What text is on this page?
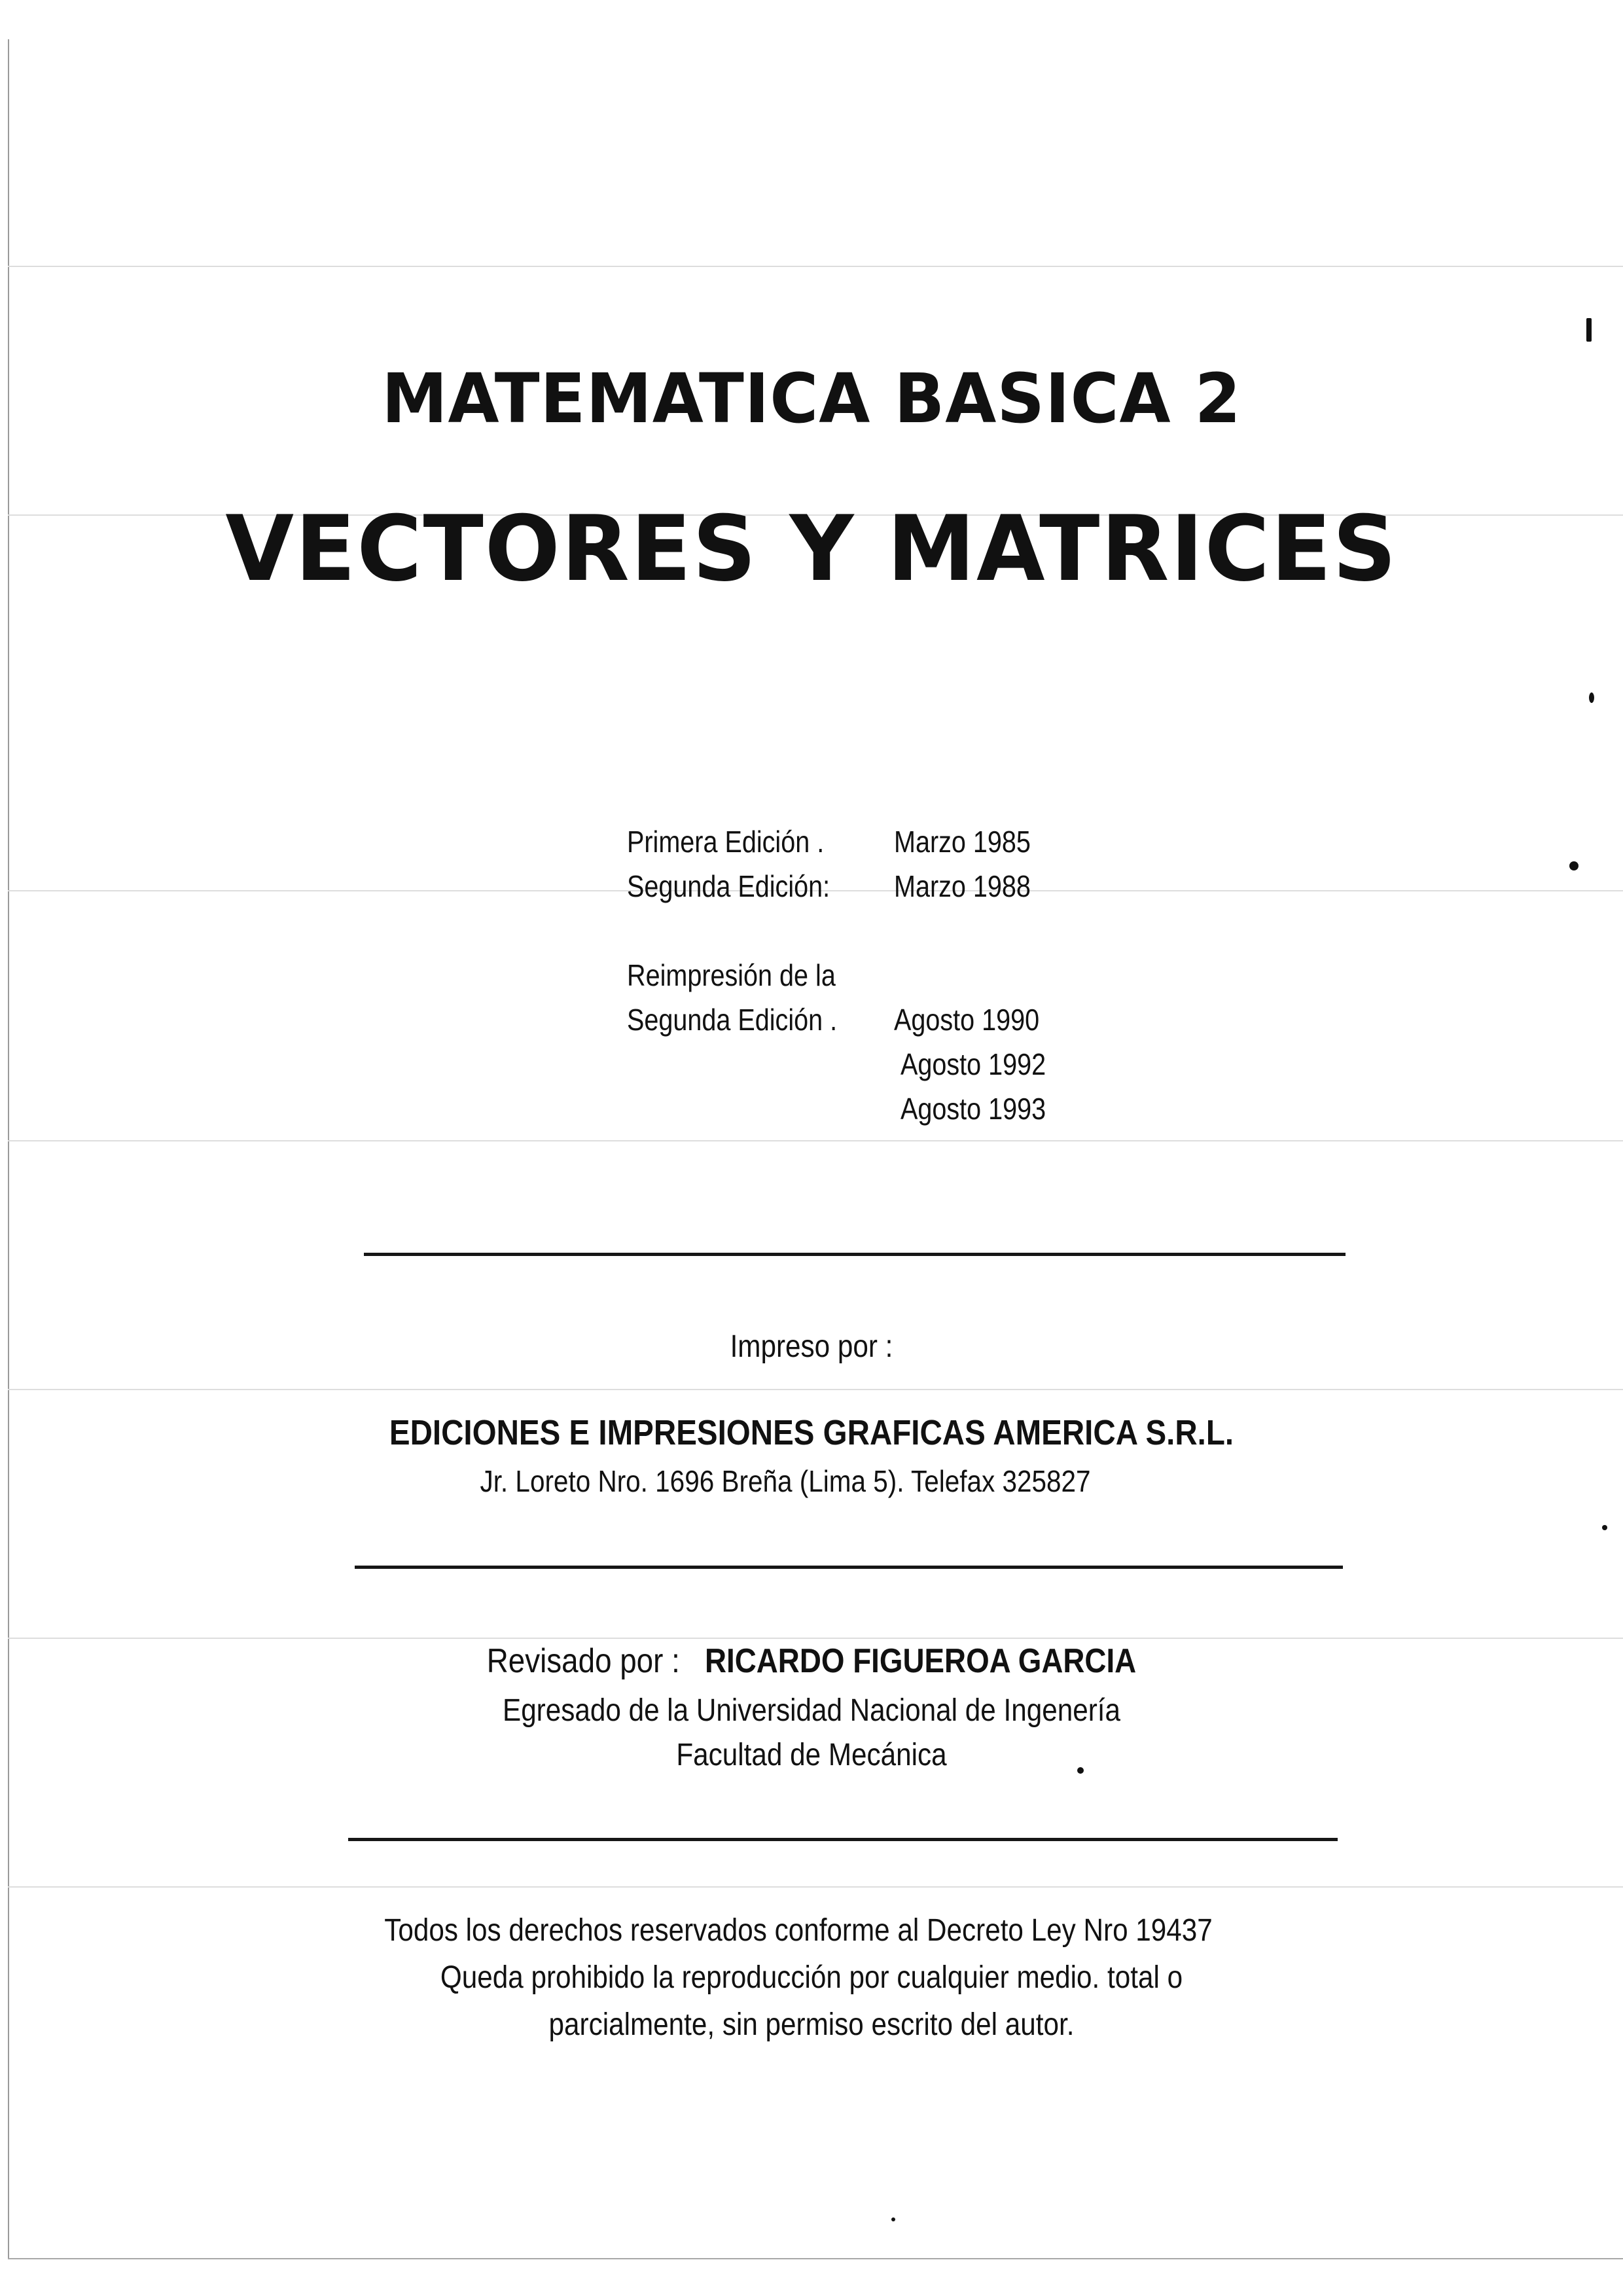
MATEMATICA BASICA 2
VECTORES Y MATRICES
Primera Edición . Marzo 1985
Segunda Edición: Marzo 1988
Reimpresión de la
Segunda Edición . Agosto 1990
Agosto 1992
Agosto 1993
Impreso por :
EDICIONES E IMPRESIONES GRAFICAS AMERICA S.R.L.
Jr. Loreto Nro. 1696 Breña (Lima 5). Telefax 325827
Revisado por : RICARDO FIGUEROA GARCIA
Egresado de la Universidad Nacional de Ingenería
Facultad de Mecánica
Todos los derechos reservados conforme al Decreto Ley Nro 19437
Queda prohibido la reproducción por cualquier medio. total o
parcialmente, sin permiso escrito del autor.
